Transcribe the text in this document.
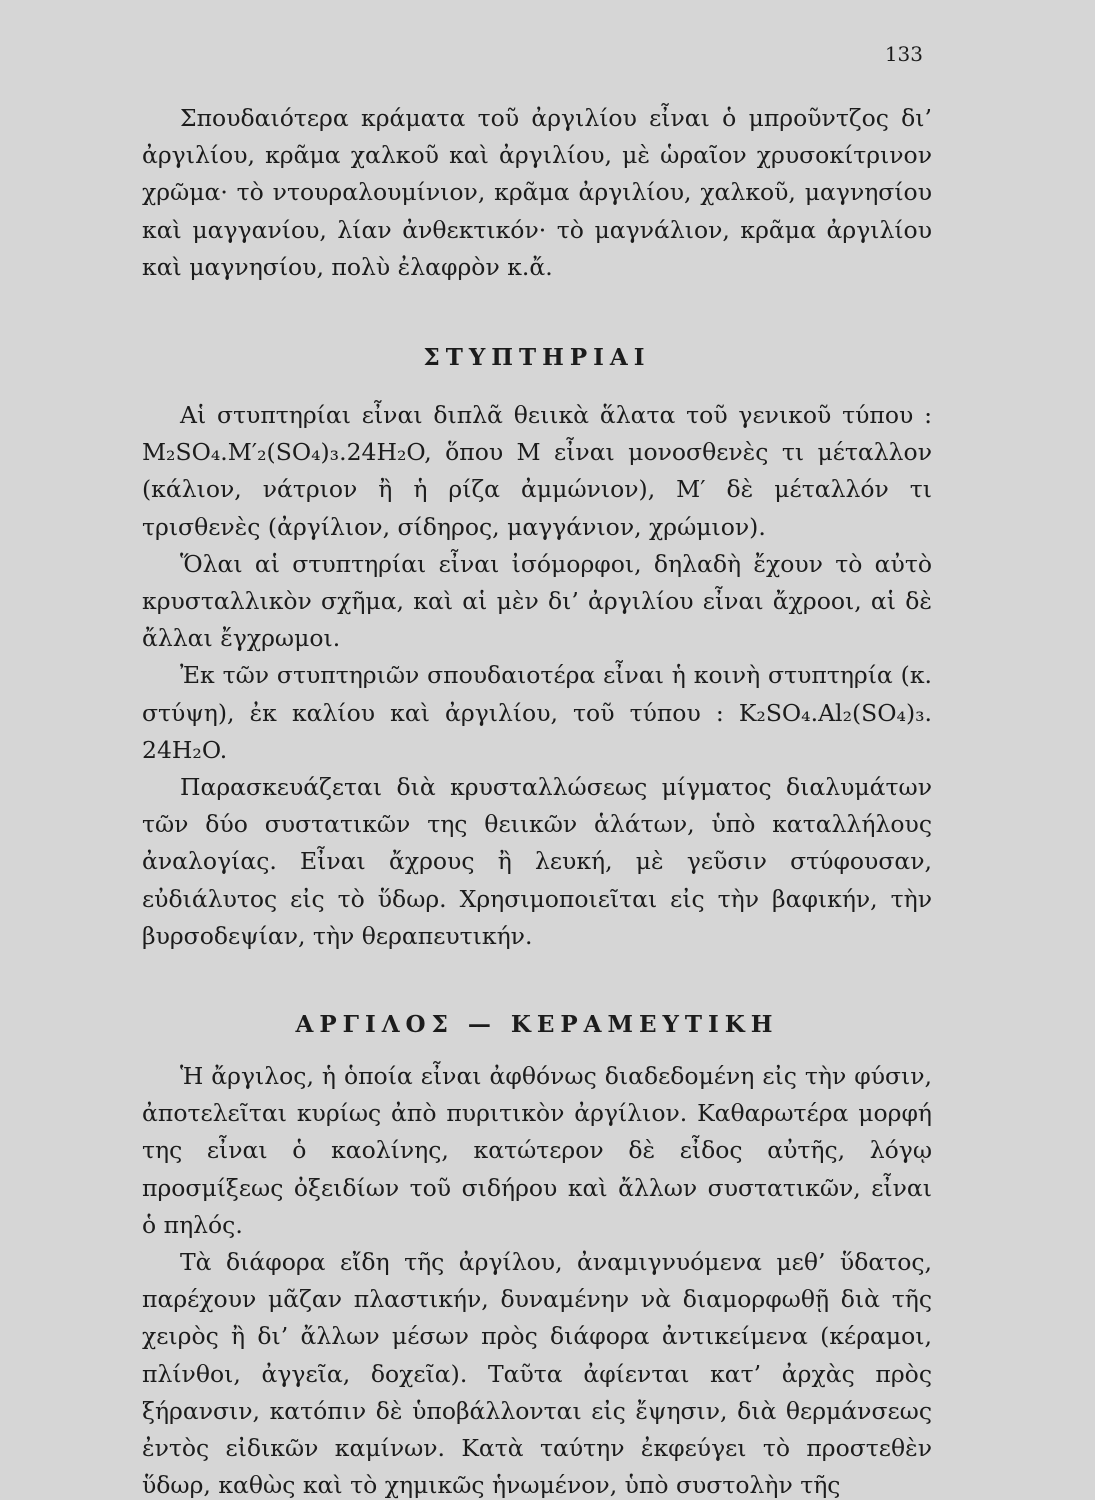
133

Σπουδαιότερα κράματα τοῦ ἀργιλίου εἶναι ὁ μπροῦντζος δι’ ἀργιλίου, κρᾶμα χαλκοῦ καὶ ἀργιλίου, μὲ ὡραῖον χρυσοκίτρινον χρῶμα· τὸ ντουραλουμίνιον, κρᾶμα ἀργιλίου, χαλκοῦ, μαγνησίου καὶ μαγγανίου, λίαν ἀνθεκτικόν· τὸ μαγνάλιον, κρᾶμα ἀργιλίου καὶ μαγνησίου, πολὺ ἐλαφρὸν κ.ἄ.

ΣΤΥΠΤΗΡΙΑΙ

Αἱ στυπτηρίαι εἶναι διπλᾶ θειικὰ ἅλατα τοῦ γενικοῦ τύπου : M₂SO₄.M′₂(SO₄)₃.24H₂O, ὅπου M εἶναι μονοσθενὲς τι μέταλλον (κάλιον, νάτριον ἢ ἡ ρίζα ἀμμώνιον), M′ δὲ μέταλλόν τι τρισθενὲς (ἀργίλιον, σίδηρος, μαγγάνιον, χρώμιον).

Ὅλαι αἱ στυπτηρίαι εἶναι ἰσόμορφοι, δηλαδὴ ἔχουν τὸ αὐτὸ κρυσταλλικὸν σχῆμα, καὶ αἱ μὲν δι’ ἀργιλίου εἶναι ἄχροοι, αἱ δὲ ἄλλαι ἔγχρωμοι.

Ἐκ τῶν στυπτηριῶν σπουδαιοτέρα εἶναι ἡ κοινὴ στυπτηρία (κ. στύψη), ἐκ καλίου καὶ ἀργιλίου, τοῦ τύπου : K₂SO₄.Al₂(SO₄)₃. 24H₂O.

Παρασκευάζεται διὰ κρυσταλλώσεως μίγματος διαλυμάτων τῶν δύο συστατικῶν της θειικῶν ἁλάτων, ὑπὸ καταλλήλους ἀναλογίας. Εἶναι ἄχρους ἢ λευκή, μὲ γεῦσιν στύφουσαν, εὐδιάλυτος εἰς τὸ ὕδωρ. Χρησιμοποιεῖται εἰς τὴν βαφικήν, τὴν βυρσοδεψίαν, τὴν θεραπευτικήν.

ΑΡΓΙΛΟΣ — ΚΕΡΑΜΕΥΤΙΚΗ

Ἡ ἄργιλος, ἡ ὁποία εἶναι ἀφθόνως διαδεδομένη εἰς τὴν φύσιν, ἀποτελεῖται κυρίως ἀπὸ πυριτικὸν ἀργίλιον. Καθαρωτέρα μορφή της εἶναι ὁ καολίνης, κατώτερον δὲ εἶδος αὐτῆς, λόγῳ προσμίξεως ὀξειδίων τοῦ σιδήρου καὶ ἄλλων συστατικῶν, εἶναι ὁ πηλός.

Τὰ διάφορα εἴδη τῆς ἀργίλου, ἀναμιγνυόμενα μεθ’ ὕδατος, παρέχουν μᾶζαν πλαστικήν, δυναμένην νὰ διαμορφωθῇ διὰ τῆς χειρὸς ἢ δι’ ἄλλων μέσων πρὸς διάφορα ἀντικείμενα (κέραμοι, πλίνθοι, ἀγγεῖα, δοχεῖα). Ταῦτα ἀφίενται κατ’ ἀρχὰς πρὸς ξήρανσιν, κατόπιν δὲ ὑποβάλλονται εἰς ἔψησιν, διὰ θερμάνσεως ἐντὸς εἰδικῶν καμίνων. Κατὰ ταύτην ἐκφεύγει τὸ προστεθὲν ὕδωρ, καθὼς καὶ τὸ χημικῶς ἡνωμένον, ὑπὸ συστολὴν τῆς
